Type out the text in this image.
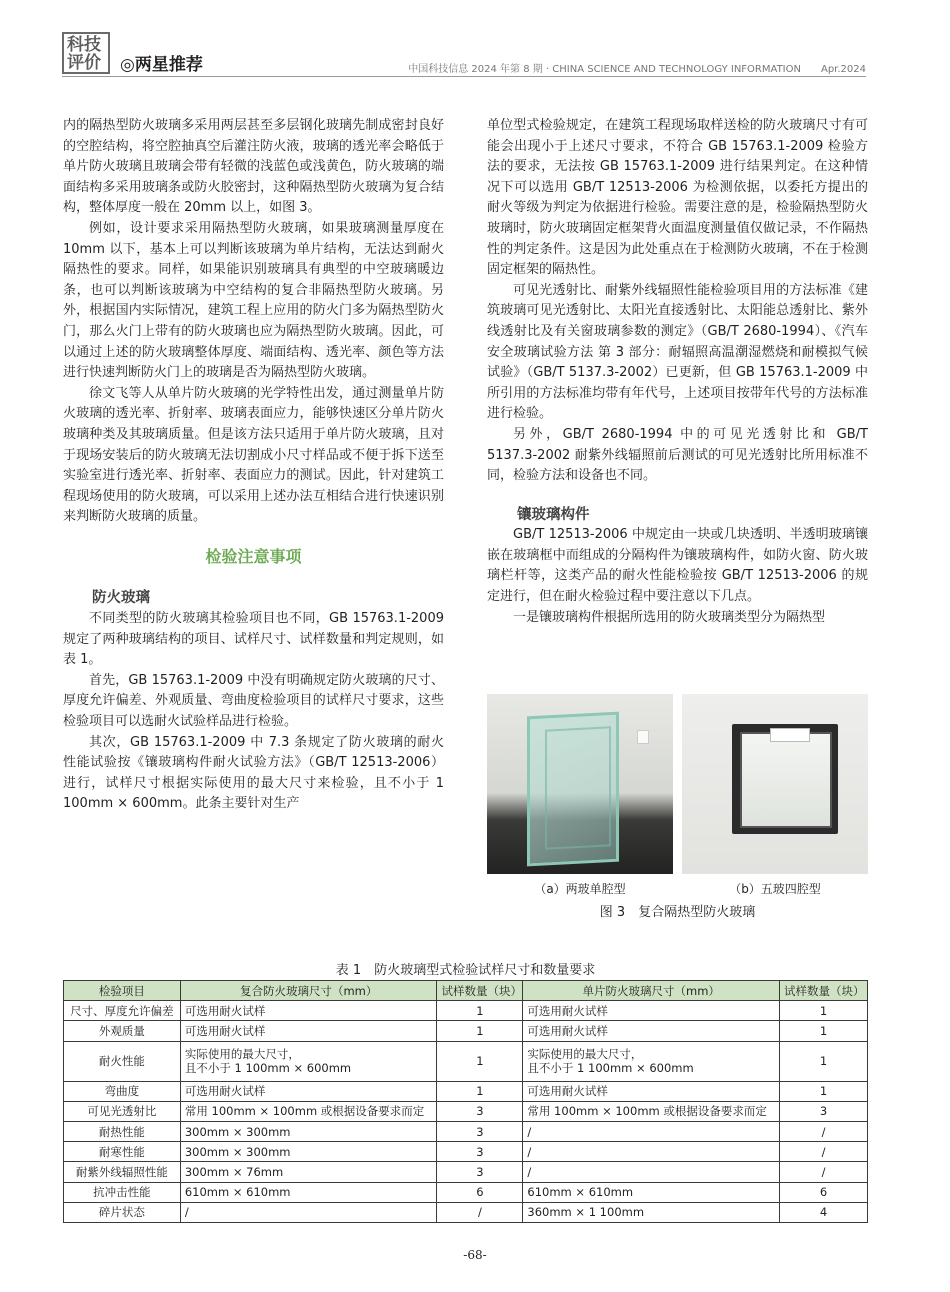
科技
评价 ◎两星推荐	中国科技信息 2024 年第 8 期 · CHINA SCIENCE AND TECHNOLOGY INFORMATION Apr.2024

内的隔热型防火玻璃多采用两层甚至多层钢化玻璃先制成密封良好的空腔结构，将空腔抽真空后灌注防火液，玻璃的透光率会略低于单片防火玻璃且玻璃会带有轻微的浅蓝色或浅黄色，防火玻璃的端面结构多采用玻璃条或防火胶密封，这种隔热型防火玻璃为复合结构，整体厚度一般在 20mm 以上，如图 3。

例如，设计要求采用隔热型防火玻璃，如果玻璃测量厚度在 10mm 以下，基本上可以判断该玻璃为单片结构，无法达到耐火隔热性的要求。同样，如果能识别玻璃具有典型的中空玻璃暖边条，也可以判断该玻璃为中空结构的复合非隔热型防火玻璃。另外，根据国内实际情况，建筑工程上应用的防火门多为隔热型防火门，那么火门上带有的防火玻璃也应为隔热型防火玻璃。因此，可以通过上述的防火玻璃整体厚度、端面结构、透光率、颜色等方法进行快速判断防火门上的玻璃是否为隔热型防火玻璃。

徐文飞等人从单片防火玻璃的光学特性出发，通过测量单片防火玻璃的透光率、折射率、玻璃表面应力，能够快速区分单片防火玻璃种类及其玻璃质量。但是该方法只适用于单片防火玻璃，且对于现场安装后的防火玻璃无法切割成小尺寸样品或不便于拆下送至实验室进行透光率、折射率、表面应力的测试。因此，针对建筑工程现场使用的防火玻璃，可以采用上述办法互相结合进行快速识别来判断防火玻璃的质量。

检验注意事项
防火玻璃

不同类型的防火玻璃其检验项目也不同，GB 15763.1-2009 规定了两种玻璃结构的项目、试样尺寸、试样数量和判定规则，如表 1。

首先，GB 15763.1-2009 中没有明确规定防火玻璃的尺寸、厚度允许偏差、外观质量、弯曲度检验项目的试样尺寸要求，这些检验项目可以选耐火试验样品进行检验。

其次，GB 15763.1-2009 中 7.3 条规定了防火玻璃的耐火性能试验按《镶玻璃构件耐火试验方法》（GB/T 12513-2006）进行，试样尺寸根据实际使用的最大尺寸来检验，且不小于 1 100mm × 600mm。此条主要针对生产

单位型式检验规定，在建筑工程现场取样送检的防火玻璃尺寸有可能会出现小于上述尺寸要求，不符合 GB 15763.1-2009 检验方法的要求，无法按 GB 15763.1-2009 进行结果判定。在这种情况下可以选用 GB/T 12513-2006 为检测依据，以委托方提出的耐火等级为判定为依据进行检验。需要注意的是，检验隔热型防火玻璃时，防火玻璃固定框架背火面温度测量值仅做记录，不作隔热性的判定条件。这是因为此处重点在于检测防火玻璃，不在于检测固定框架的隔热性。

可见光透射比、耐紫外线辐照性能检验项目用的方法标准《建筑玻璃可见光透射比、太阳光直接透射比、太阳能总透射比、紫外线透射比及有关窗玻璃参数的测定》（GB/T 2680-1994）、《汽车安全玻璃试验方法 第 3 部分：耐辐照高温潮湿燃烧和耐模拟气候试验》（GB/T 5137.3-2002）已更新，但 GB 15763.1-2009 中所引用的方法标准均带有年代号，上述项目按带年代号的方法标准进行检验。

另外，GB/T 2680-1994 中的可见光透射比和 GB/T 5137.3-2002 耐紫外线辐照前后测试的可见光透射比所用标准不同，检验方法和设备也不同。

镶玻璃构件

GB/T 12513-2006 中规定由一块或几块透明、半透明玻璃镶嵌在玻璃框中而组成的分隔构件为镶玻璃构件，如防火窗、防火玻璃栏杆等，这类产品的耐火性能检验按 GB/T 12513-2006 的规定进行，但在耐火检验过程中要注意以下几点。

一是镶玻璃构件根据所选用的防火玻璃类型分为隔热型

（a）两玻单腔型	（b）五玻四腔型
图 3　复合隔热型防火玻璃
表 1　防火玻璃型式检验试样尺寸和数量要求
检验项目	复合防火玻璃尺寸（mm）	试样数量（块）	单片防火玻璃尺寸（mm）	试样数量（块）
尺寸、厚度允许偏差	可选用耐火试样	1	可选用耐火试样	1
外观质量	可选用耐火试样	1	可选用耐火试样	1
耐火性能	实际使用的最大尺寸，
且不小于 1 100mm × 600mm	1	实际使用的最大尺寸，
且不小于 1 100mm × 600mm	1
弯曲度	可选用耐火试样	1	可选用耐火试样	1
可见光透射比	常用 100mm × 100mm 或根据设备要求而定	3	常用 100mm × 100mm 或根据设备要求而定	3
耐热性能	300mm × 300mm	3	/	/
耐寒性能	300mm × 300mm	3	/	/
耐紫外线辐照性能	300mm × 76mm	3	/	/
抗冲击性能	610mm × 610mm	6	610mm × 610mm	6
碎片状态	/	/	360mm × 1 100mm	4
-68-
